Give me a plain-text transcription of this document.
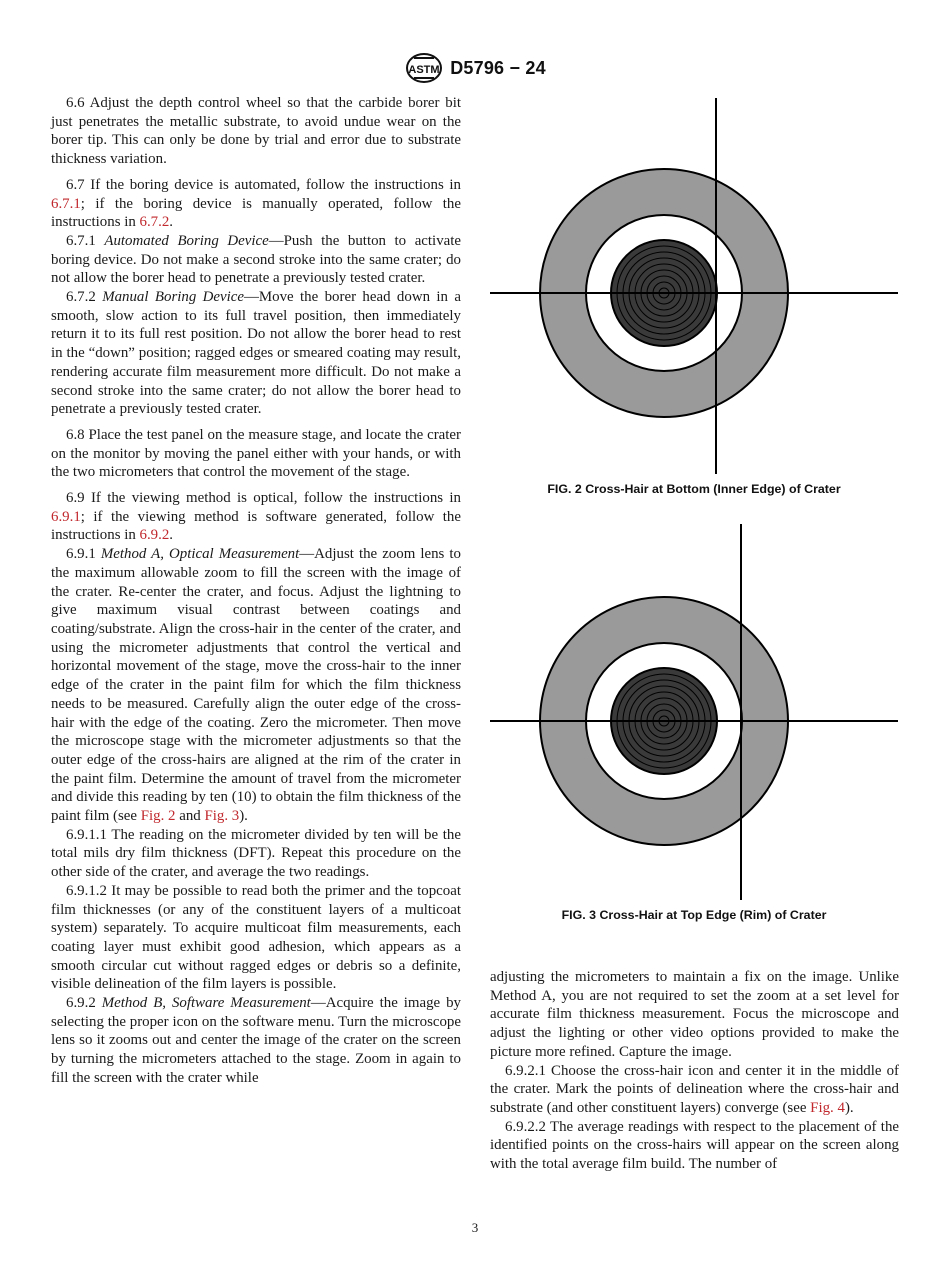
ASTM D5796 − 24

6.6 Adjust the depth control wheel so that the carbide borer bit just penetrates the metallic substrate, to avoid undue wear on the borer tip. This can only be done by trial and error due to substrate thickness variation.

6.7 If the boring device is automated, follow the instructions in 6.7.1; if the boring device is manually operated, follow the instructions in 6.7.2.

6.7.1 Automated Boring Device—Push the button to activate boring device. Do not make a second stroke into the same crater; do not allow the borer head to penetrate a previously tested crater.

6.7.2 Manual Boring Device—Move the borer head down in a smooth, slow action to its full travel position, then immediately return it to its full rest position. Do not allow the borer head to rest in the “down” position; ragged edges or smeared coating may result, rendering accurate film measurement more difficult. Do not make a second stroke into the same crater; do not allow the borer head to penetrate a previously tested crater.

6.8 Place the test panel on the measure stage, and locate the crater on the monitor by moving the panel either with your hands, or with the two micrometers that control the movement of the stage.

6.9 If the viewing method is optical, follow the instructions in 6.9.1; if the viewing method is software generated, follow the instructions in 6.9.2.

6.9.1 Method A, Optical Measurement—Adjust the zoom lens to the maximum allowable zoom to fill the screen with the image of the crater. Re-center the crater, and focus. Adjust the lightning to give maximum visual contrast between coatings and coating/substrate. Align the cross-hair in the center of the crater, and using the micrometer adjustments that control the vertical and horizontal movement of the stage, move the cross-hair to the inner edge of the crater in the paint film for which the film thickness needs to be measured. Carefully align the outer edge of the cross-hair with the edge of the coating. Zero the micrometer. Then move the microscope stage with the micrometer adjustments so that the outer edge of the cross-hairs are aligned at the rim of the crater in the paint film. Determine the amount of travel from the micrometer and divide this reading by ten (10) to obtain the film thickness of the paint film (see Fig. 2 and Fig. 3).

6.9.1.1 The reading on the micrometer divided by ten will be the total mils dry film thickness (DFT). Repeat this procedure on the other side of the crater, and average the two readings.

6.9.1.2 It may be possible to read both the primer and the topcoat film thicknesses (or any of the constituent layers of a multicoat system) separately. To acquire multicoat film measurements, each coating layer must exhibit good adhesion, which appears as a smooth circular cut without ragged edges or debris so a definite, visible delineation of the film layers is possible.

6.9.2 Method B, Software Measurement—Acquire the image by selecting the proper icon on the software menu. Turn the microscope lens so it zooms out and center the image of the crater on the screen by turning the micrometers attached to the stage. Zoom in again to fill the screen with the crater while

FIG. 2 Cross-Hair at Bottom (Inner Edge) of Crater
FIG. 3 Cross-Hair at Top Edge (Rim) of Crater

adjusting the micrometers to maintain a fix on the image. Unlike Method A, you are not required to set the zoom at a set level for accurate film thickness measurement. Focus the microscope and adjust the lighting or other video options provided to make the picture more refined. Capture the image.

6.9.2.1 Choose the cross-hair icon and center it in the middle of the crater. Mark the points of delineation where the cross-hair and substrate (and other constituent layers) converge (see Fig. 4).

6.9.2.2 The average readings with respect to the placement of the identified points on the cross-hairs will appear on the screen along with the total average film build. The number of

3
